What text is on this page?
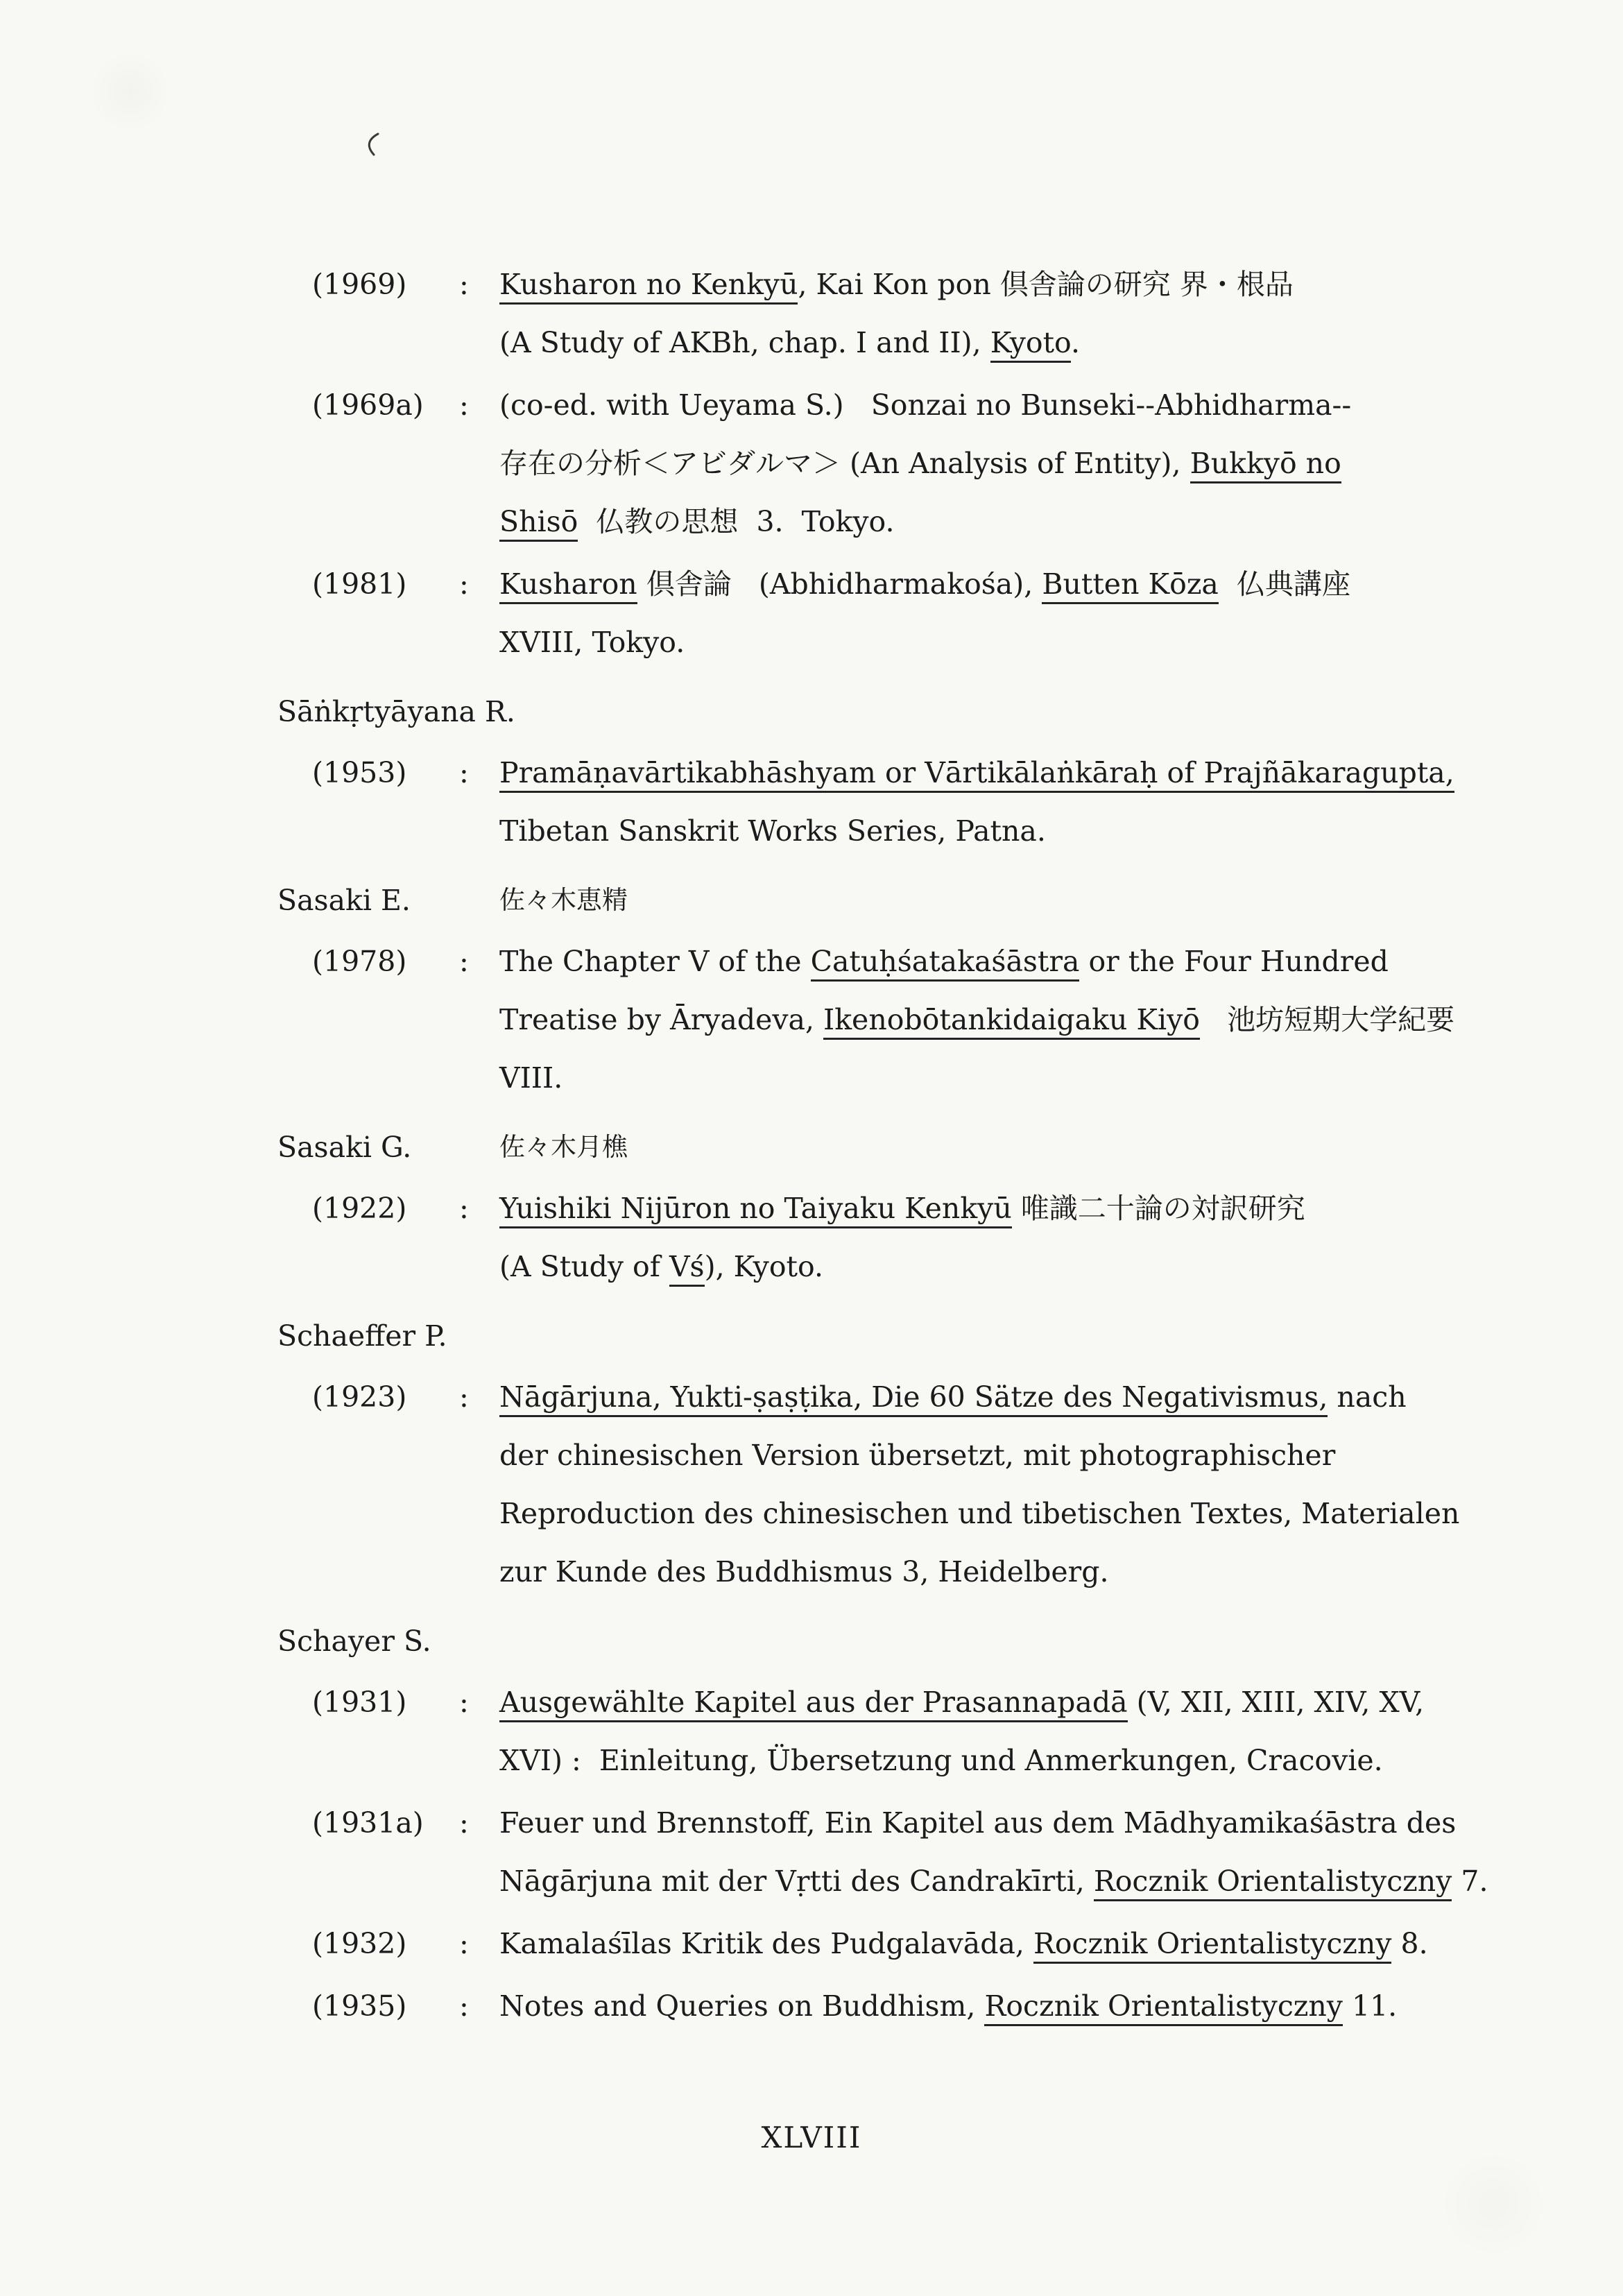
(1969)	:	Kusharon no Kenkyū, Kai Kon pon 倶舎論の研究 界・根品
(A Study of AKBh, chap. I and II), Kyoto.
(1969a)	:	(co-ed. with Ueyama S.)   Sonzai no Bunseki--Abhidharma--
存在の分析＜アビダルマ＞ (An Analysis of Entity), Bukkyō no
Shisō  仏教の思想  3.  Tokyo.
(1981)	:	Kusharon 倶舎論   (Abhidharmakośa), Butten Kōza  仏典講座
XVIII, Tokyo.
Sāṅkṛtyāyana R.
(1953)	:	Pramāṇavārtikabhāshyam or Vārtikālaṅkāraḥ of Prajñākaragupta,
Tibetan Sanskrit Works Series, Patna.
Sasaki E.	佐々木恵精
(1978)	:	The Chapter V of the Catuḥśatakaśāstra or the Four Hundred
Treatise by Āryadeva, Ikenobōtankidaigaku Kiyō   池坊短期大学紀要
VIII.
Sasaki G.	佐々木月樵
(1922)	:	Yuishiki Nijūron no Taiyaku Kenkyū 唯識二十論の対訳研究
(A Study of Vś), Kyoto.
Schaeffer P.
(1923)	:	Nāgārjuna, Yukti-ṣaṣṭika, Die 60 Sätze des Negativismus, nach
der chinesischen Version übersetzt, mit photographischer
Reproduction des chinesischen und tibetischen Textes, Materialen
zur Kunde des Buddhismus 3, Heidelberg.
Schayer S.
(1931)	:	Ausgewählte Kapitel aus der Prasannapadā (V, XII, XIII, XIV, XV,
XVI) :  Einleitung, Übersetzung und Anmerkungen, Cracovie.
(1931a)	:	Feuer und Brennstoff, Ein Kapitel aus dem Mādhyamikaśāstra des
Nāgārjuna mit der Vṛtti des Candrakīrti, Rocznik Orientalistyczny 7.
(1932)	:	Kamalaśīlas Kritik des Pudgalavāda, Rocznik Orientalistyczny 8.
(1935)	:	Notes and Queries on Buddhism, Rocznik Orientalistyczny 11.
XLVIII
